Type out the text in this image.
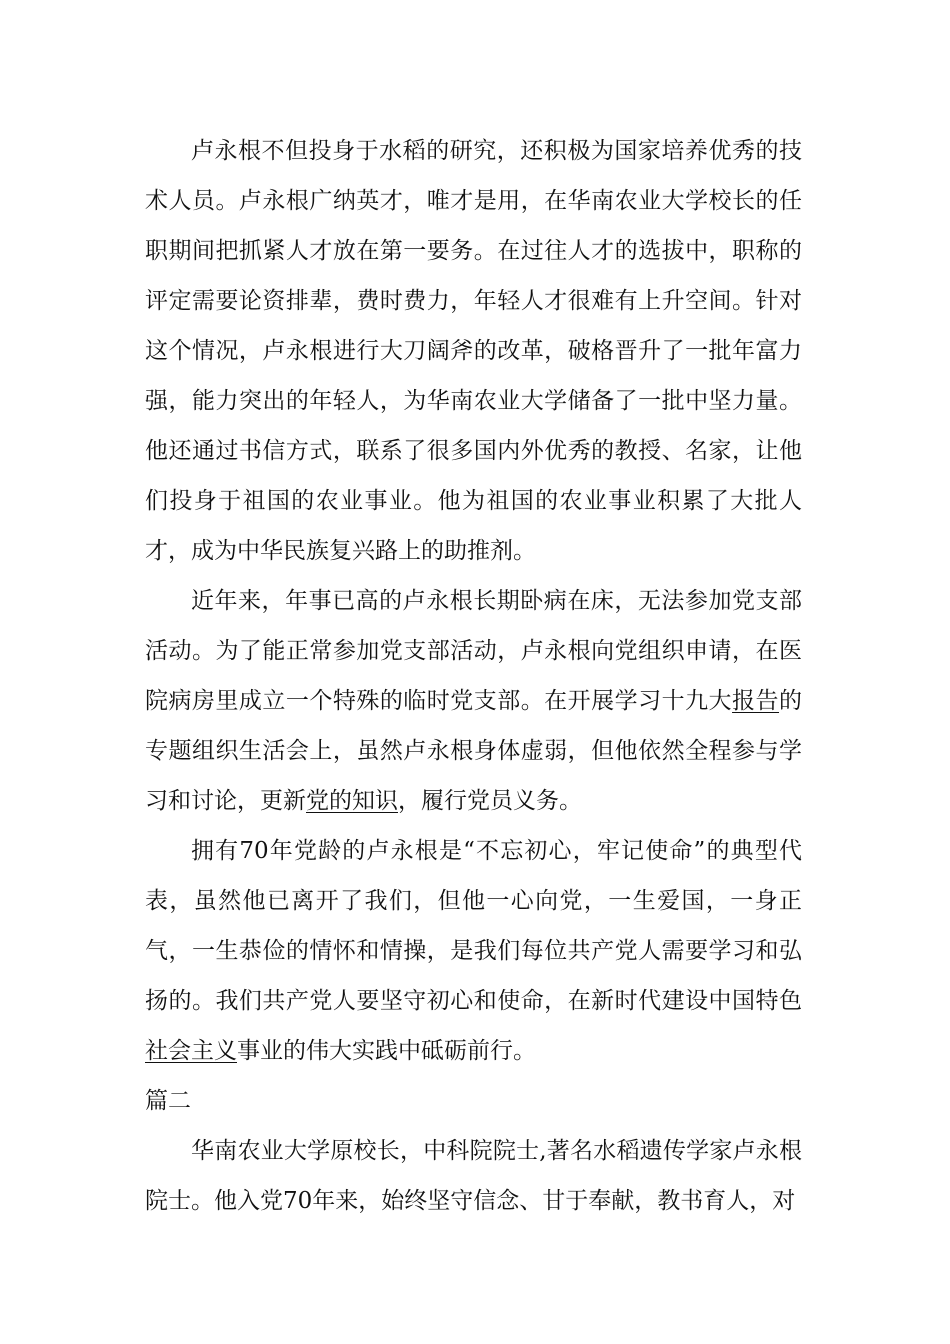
卢永根不但投身于水稻的研究，还积极为国家培养优秀的技术人员。卢永根广纳英才，唯才是用，在华南农业大学校长的任职期间把抓紧人才放在第一要务。在过往人才的选拔中，职称的评定需要论资排辈，费时费力，年轻人才很难有上升空间。针对这个情况，卢永根进行大刀阔斧的改革，破格晋升了一批年富力强，能力突出的年轻人，为华南农业大学储备了一批中坚力量。他还通过书信方式，联系了很多国内外优秀的教授、名家，让他们投身于祖国的农业事业。他为祖国的农业事业积累了大批人才，成为中华民族复兴路上的助推剂。

近年来，年事已高的卢永根长期卧病在床，无法参加党支部活动。为了能正常参加党支部活动，卢永根向党组织申请，在医院病房里成立一个特殊的临时党支部。在开展学习十九大报告的专题组织生活会上，虽然卢永根身体虚弱，但他依然全程参与学习和讨论，更新党的知识，履行党员义务。

拥有70年党龄的卢永根是“不忘初心，牢记使命”的典型代表，虽然他已离开了我们，但他一心向党，一生爱国，一身正气，一生恭俭的情怀和情操，是我们每位共产党人需要学习和弘扬的。我们共产党人要坚守初心和使命，在新时代建设中国特色社会主义事业的伟大实践中砥砺前行。

篇二

华南农业大学原校长，中科院院士,著名水稻遗传学家卢永根院士。他入党70年来，始终坚守信念、甘于奉献，教书育人，对
